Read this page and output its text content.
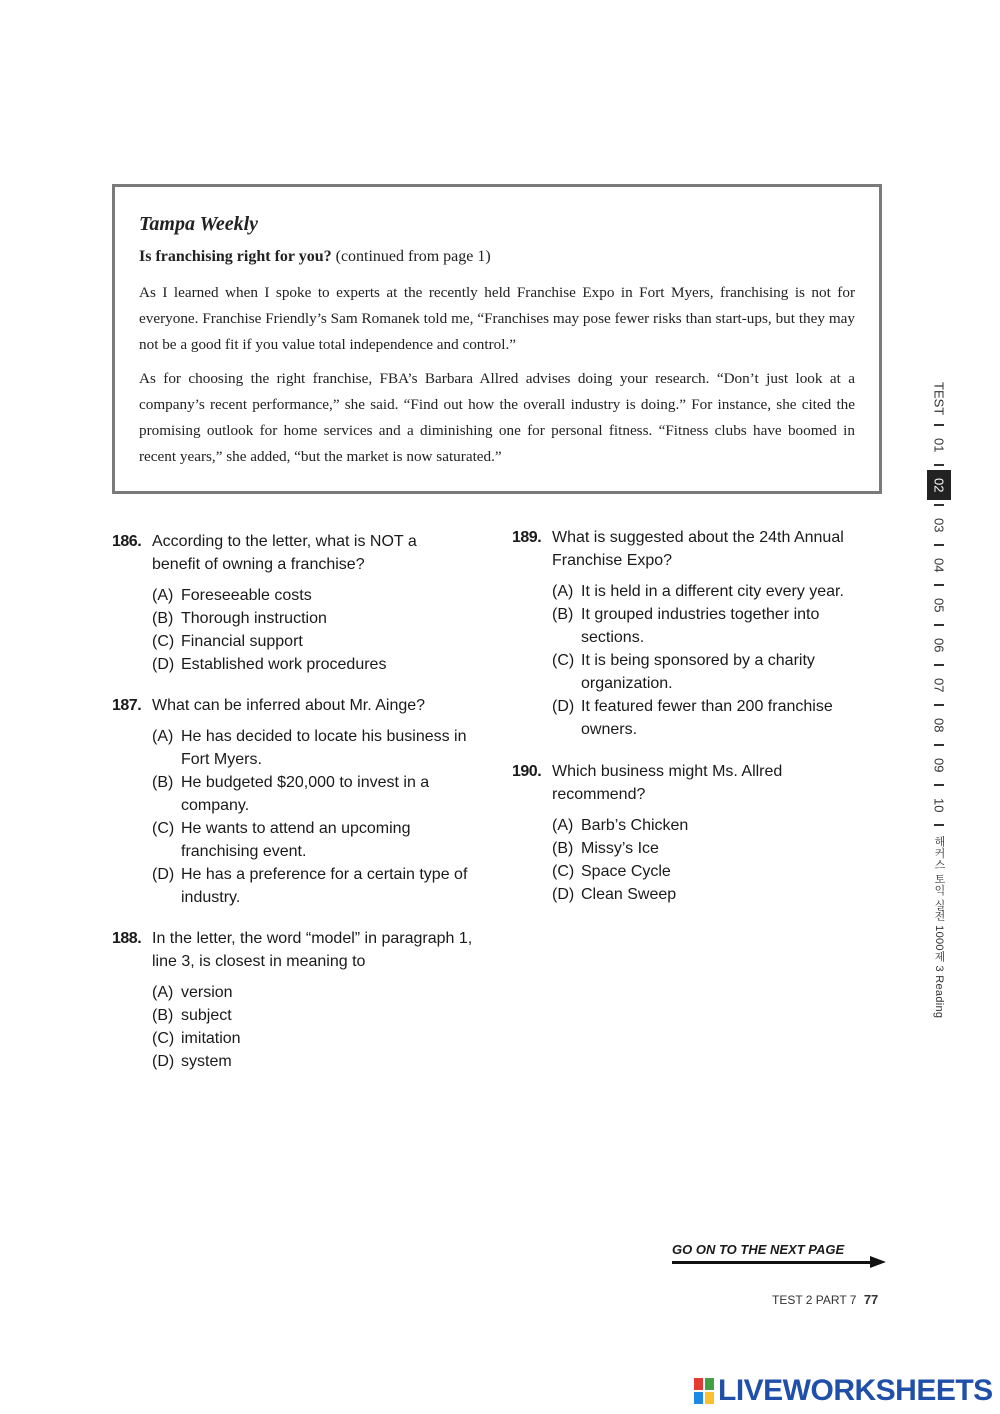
Tampa Weekly

Is franchising right for you? (continued from page 1)

As I learned when I spoke to experts at the recently held Franchise Expo in Fort Myers, franchising is not for everyone. Franchise Friendly’s Sam Romanek told me, “Franchises may pose fewer risks than start-ups, but they may not be a good fit if you value total independence and control.”

As for choosing the right franchise, FBA’s Barbara Allred advises doing your research. “Don’t just look at a company’s recent performance,” she said. “Find out how the overall industry is doing.” For instance, she cited the promising outlook for home services and a diminishing one for personal fitness. “Fitness clubs have boomed in recent years,” she added, “but the market is now saturated.”

186. According to the letter, what is NOT a benefit of owning a franchise?
(A) Foreseeable costs
(B) Thorough instruction
(C) Financial support
(D) Established work procedures
187. What can be inferred about Mr. Ainge?
(A) He has decided to locate his business in Fort Myers.
(B) He budgeted $20,000 to invest in a company.
(C) He wants to attend an upcoming franchising event.
(D) He has a preference for a certain type of industry.
188. In the letter, the word “model” in paragraph 1, line 3, is closest in meaning to
(A) version
(B) subject
(C) imitation
(D) system
189. What is suggested about the 24th Annual Franchise Expo?
(A) It is held in a different city every year.
(B) It grouped industries together into sections.
(C) It is being sponsored by a charity organization.
(D) It featured fewer than 200 franchise owners.
190. Which business might Ms. Allred recommend?
(A) Barb’s Chicken
(B) Missy’s Ice
(C) Space Cycle
(D) Clean Sweep
TEST
01
02
03
04
05
06
07
08
09
10
해커스 토익 실전 1000제 3 Reading
GO ON TO THE NEXT PAGE
TEST 2 PART 7 77
LIVEWORKSHEETS
